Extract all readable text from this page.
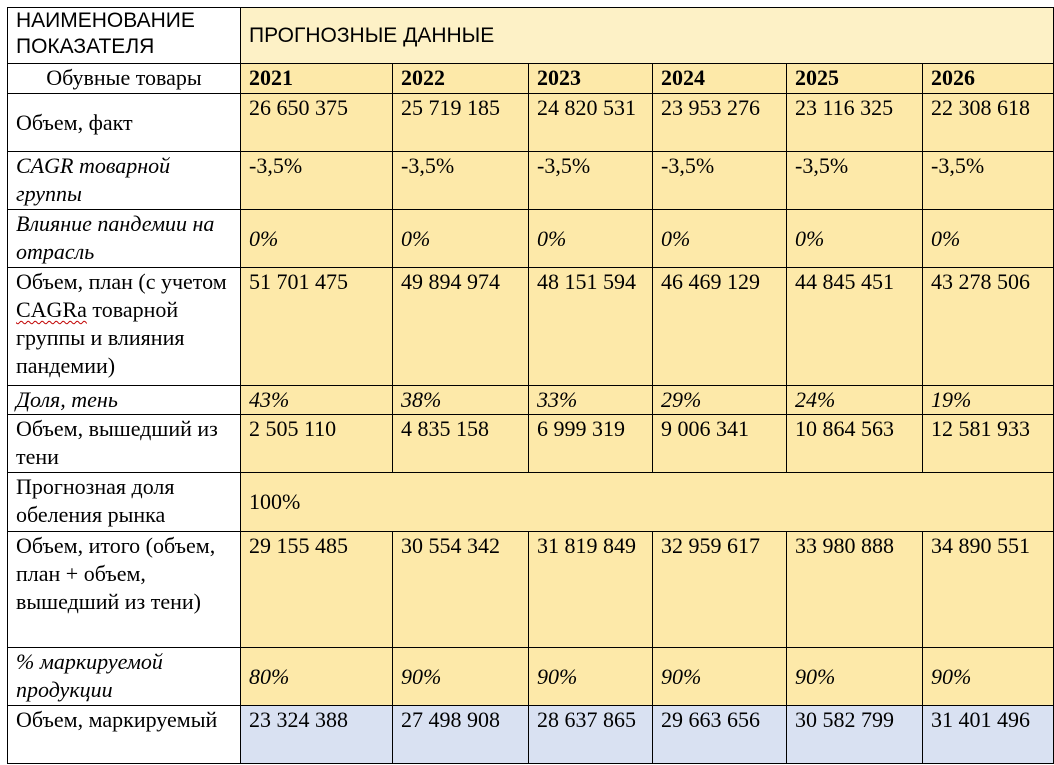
НАИМЕНОВАНИЕ ПОКАЗАТЕЛЯ	ПРОГНОЗНЫЕ ДАННЫЕ					
Обувные товары	2021	2022	2023	2024	2025	2026
Объем, факт	26 650 375	25 719 185	24 820 531	23 953 276	23 116 325	22 308 618
CAGR товарной группы	-3,5%	-3,5%	-3,5%	-3,5%	-3,5%	-3,5%
Влияние пандемии на отрасль	0%	0%	0%	0%	0%	0%
Объем, план (с учетом CAGRa товарной группы и влияния пандемии)	51 701 475	49 894 974	48 151 594	46 469 129	44 845 451	43 278 506
Доля, тень	43%	38%	33%	29%	24%	19%
Объем, вышедший из тени	2 505 110	4 835 158	6 999 319	9 006 341	10 864 563	12 581 933
Прогнозная доля обеления рынка	100%					
Объем, итого (объем, план + объем, вышедший из тени)	29 155 485	30 554 342	31 819 849	32 959 617	33 980 888	34 890 551
% маркируемой продукции	80%	90%	90%	90%	90%	90%
Объем, маркируемый	23 324 388	27 498 908	28 637 865	29 663 656	30 582 799	31 401 496
